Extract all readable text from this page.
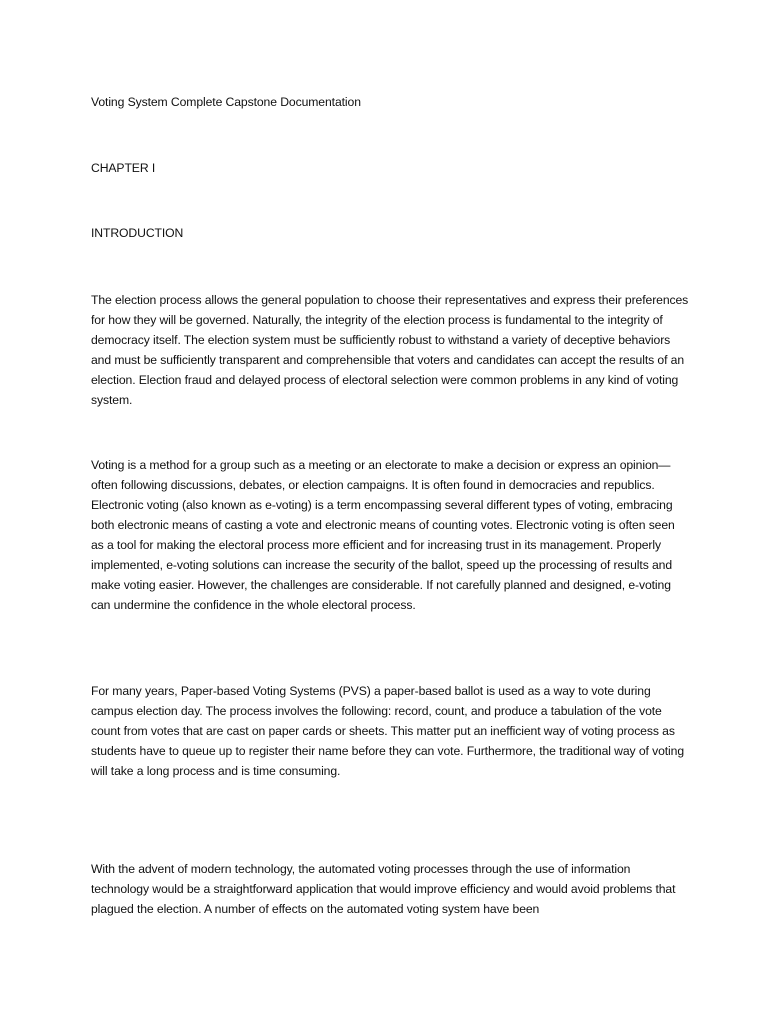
Voting System Complete Capstone Documentation

CHAPTER I

INTRODUCTION

The election process allows the general population to choose their representatives and express their preferences for how they will be governed. Naturally, the integrity of the election process is fundamental to the integrity of democracy itself. The election system must be sufficiently robust to withstand a variety of deceptive behaviors and must be sufficiently transparent and comprehensible that voters and candidates can accept the results of an election. Election fraud and delayed process of electoral selection were common problems in any kind of voting system.

Voting is a method for a group such as a meeting or an electorate to make a decision or express an opinion—often following discussions, debates, or election campaigns. It is often found in democracies and republics. Electronic voting (also known as e-voting) is a term encompassing several different types of voting, embracing both electronic means of casting a vote and electronic means of counting votes. Electronic voting is often seen as a tool for making the electoral process more efficient and for increasing trust in its management. Properly implemented, e-voting solutions can increase the security of the ballot, speed up the processing of results and make voting easier. However, the challenges are considerable. If not carefully planned and designed, e-voting can undermine the confidence in the whole electoral process.

For many years, Paper-based Voting Systems (PVS) a paper-based ballot is used as a way to vote during campus election day. The process involves the following: record, count, and produce a tabulation of the vote count from votes that are cast on paper cards or sheets. This matter put an inefficient way of voting process as students have to queue up to register their name before they can vote. Furthermore, the traditional way of voting will take a long process and is time consuming.

With the advent of modern technology, the automated voting processes through the use of information technology would be a straightforward application that would improve efficiency and would avoid problems that plagued the election. A number of effects on the automated voting system have been
